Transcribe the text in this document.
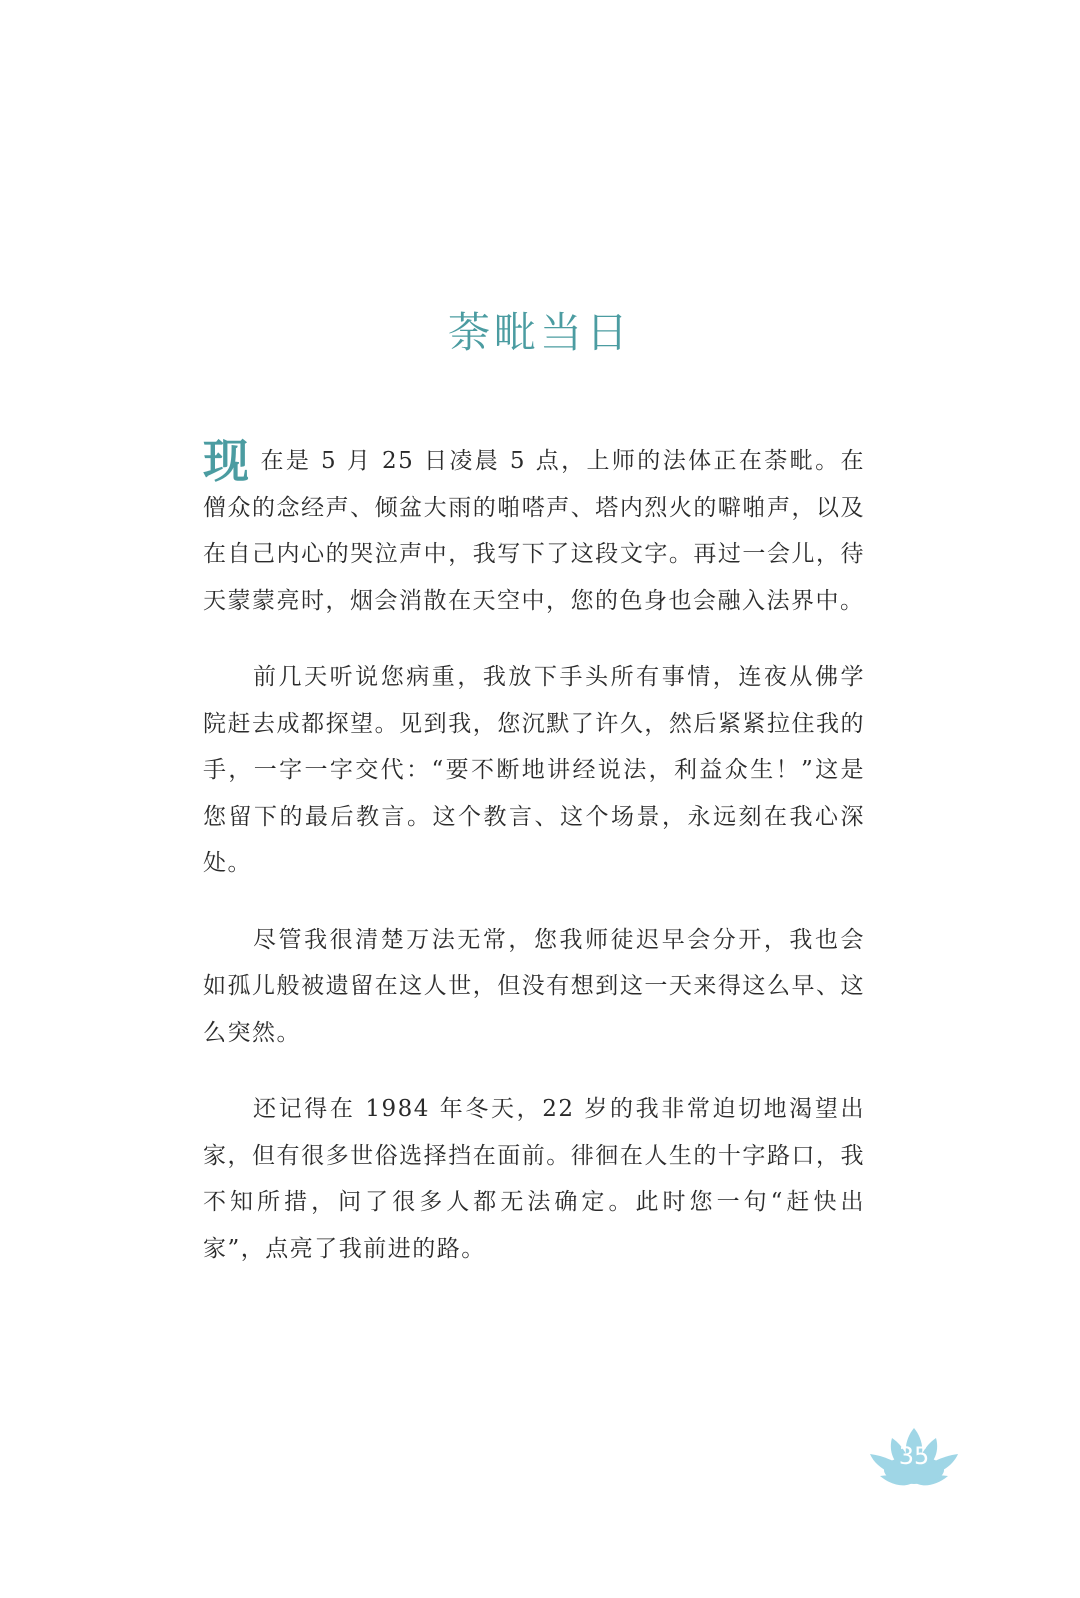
荼毗当日

现在是 5 月 25 日凌晨 5 点，上师的法体正在荼毗。在僧众的念经声、倾盆大雨的啪嗒声、塔内烈火的噼啪声，以及在自己内心的哭泣声中，我写下了这段文字。再过一会儿，待天蒙蒙亮时，烟会消散在天空中，您的色身也会融入法界中。

前几天听说您病重，我放下手头所有事情，连夜从佛学院赶去成都探望。见到我，您沉默了许久，然后紧紧拉住我的手，一字一字交代：“要不断地讲经说法，利益众生！”这是您留下的最后教言。这个教言、这个场景，永远刻在我心深处。

尽管我很清楚万法无常，您我师徒迟早会分开，我也会如孤儿般被遗留在这人世，但没有想到这一天来得这么早、这么突然。

还记得在 1984 年冬天，22 岁的我非常迫切地渴望出家，但有很多世俗选择挡在面前。徘徊在人生的十字路口，我不知所措，问了很多人都无法确定。此时您一句“赶快出家”，点亮了我前进的路。

35
